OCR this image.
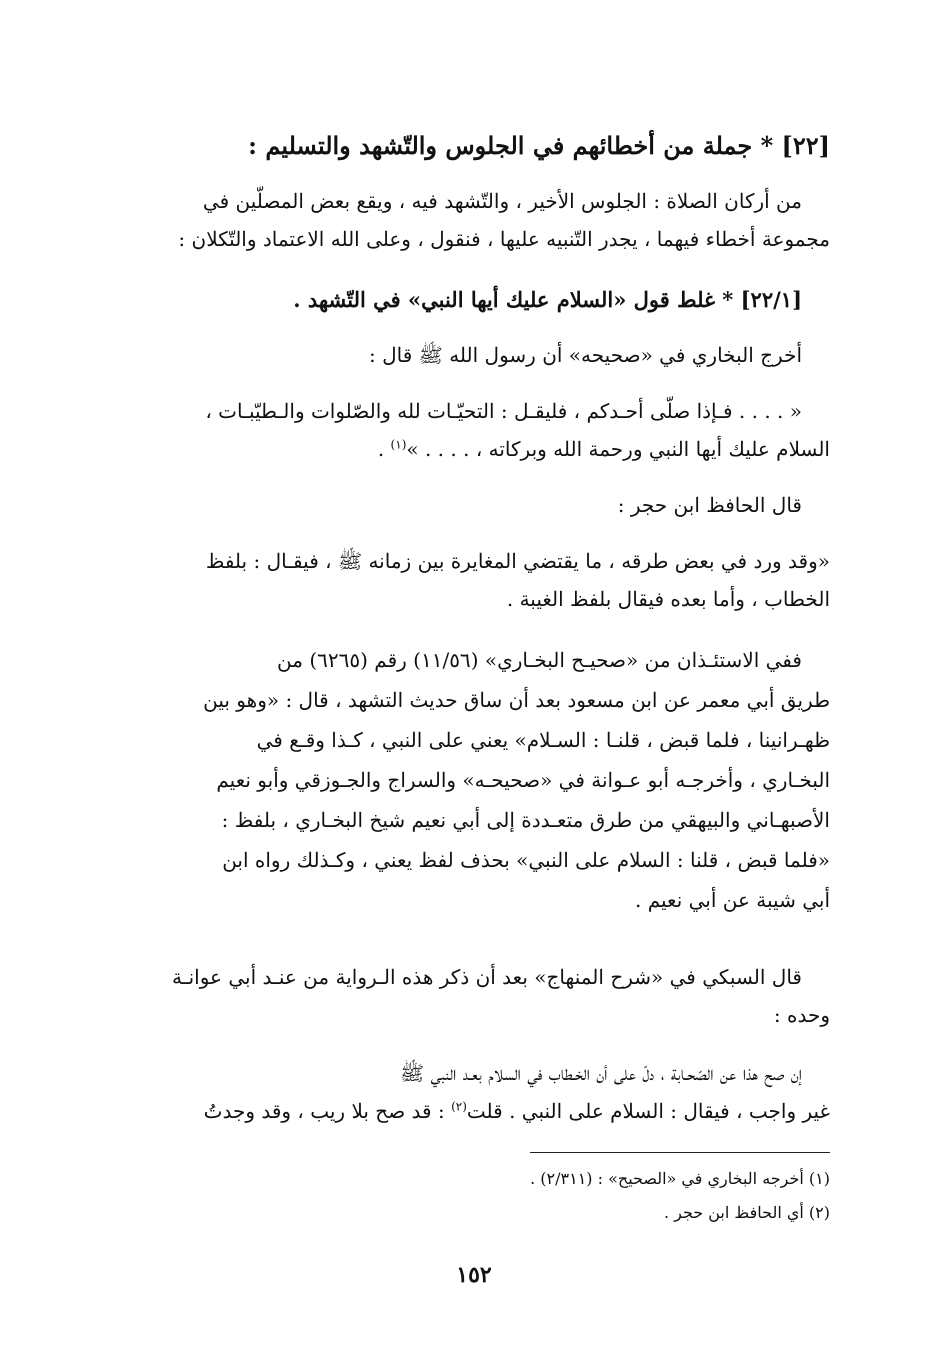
[٢٢] * جملة من أخطائهم في الجلوس والتّشهد والتسليم :
من أركان الصلاة : الجلوس الأخير ، والتّشهد فيه ، ويقع بعض المصلّين في
مجموعة أخطاء فيهما ، يجدر التّنبيه عليها ، فنقول ، وعلى الله الاعتماد والتّكلان :
[٢٢/١] * غلط قول «السلام عليك أيها النبي» في التّشهد .
أخرج البخاري في «صحيحه» أن رسول الله ﷺ قال :
« . . . . فـإذا صلّى أحـدكم ، فليقـل : التحيّـات لله والصّلوات والـطيّبـات ،
السلام عليك أيها النبي ورحمة الله وبركاته ، . . . . »$^{(١)}$ .
قال الحافظ ابن حجر :
«وقد ورد في بعض طرقه ، ما يقتضي المغايرة بين زمانه ﷺ ، فيقـال : بلفظ
الخطاب ، وأما بعده فيقال بلفظ الغيبة .
ففي الاستئـذان من «صحيـح البخـاري» (١١/٥٦) رقم (٦٢٦٥) من
طريق أبي معمر عن ابن مسعود بعد أن ساق حديث التشهد ، قال : «وهو بين
ظهـرانينا ، فلما قبض ، قلنـا : السـلام» يعني على النبي ، كـذا وقـع في
البخـاري ، وأخرجـه أبو عـوانة في «صحيحـه» والسراج والجـوزقي وأبو نعيم
الأصبهـاني والبيهقي من طرق متعـددة إلى أبي نعيم شيخ البخـاري ، بلفظ :
«فلما قبض ، قلنا : السلام على النبي» بحذف لفظ يعني ، وكـذلك رواه ابن
أبي شيبة عن أبي نعيم .
قال السبكي في «شرح المنهاج» بعد أن ذكر هذه الـرواية من عنـد أبي عوانـة
وحده :
إن صح هذا عن الصّحـابة ، دلّ على أن الخـطاب في السلام بعـد النبي ﷺ
غير واجب ، فيقال : السلام على النبي . قلت$^{(٢)}$ : قد صح بلا ريب ، وقد وجدتُ
(١) أخرجه البخاري في «الصحيح» : (٢/٣١١) .
(٢) أي الحافظ ابن حجر .
١٥٢
